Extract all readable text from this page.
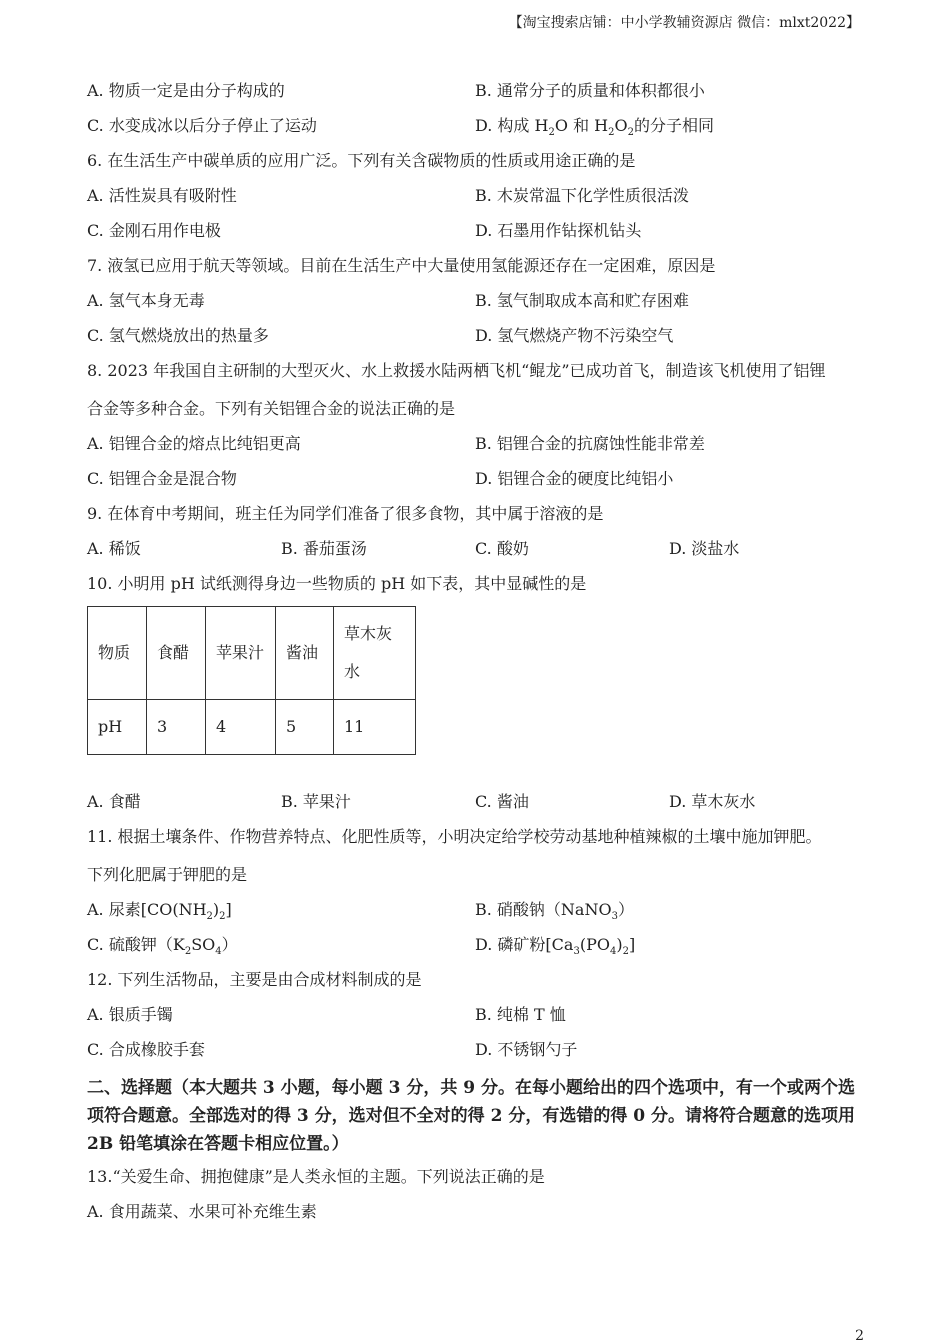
【淘宝搜索店铺：中小学教辅资源店 微信：mlxt2022】
A. 物质一定是由分子构成的	B. 通常分子的质量和体积都很小
C. 水变成冰以后分子停止了运动	D. 构成 $H_2O$ 和 $H_2O_2$的分子相同
6. 在生活生产中碳单质的应用广泛。下列有关含碳物质的性质或用途正确的是
A. 活性炭具有吸附性	B. 木炭常温下化学性质很活泼
C. 金刚石用作电极	D. 石墨用作钻探机钻头
7. 液氢已应用于航天等领域。目前在生活生产中大量使用氢能源还存在一定困难，原因是
A. 氢气本身无毒	B. 氢气制取成本高和贮存困难
C. 氢气燃烧放出的热量多	D. 氢气燃烧产物不污染空气
8. 2023 年我国自主研制的大型灭火、水上救援水陆两栖飞机“鲲龙”已成功首飞，制造该飞机使用了铝锂
合金等多种合金。下列有关铝锂合金的说法正确的是
A. 铝锂合金的熔点比纯铝更高	B. 铝锂合金的抗腐蚀性能非常差
C. 铝锂合金是混合物	D. 铝锂合金的硬度比纯铝小
9. 在体育中考期间，班主任为同学们准备了很多食物，其中属于溶液的是
A. 稀饭	B. 番茄蛋汤	C. 酸奶	D. 淡盐水
10. 小明用 pH 试纸测得身边一些物质的 pH 如下表，其中显碱性的是
物质	食醋	苹果汁	酱油	草木灰水
pH	3	4	5	11
A. 食醋	B. 苹果汁	C. 酱油	D. 草木灰水
11. 根据土壤条件、作物营养特点、化肥性质等，小明决定给学校劳动基地种植辣椒的土壤中施加钾肥。
下列化肥属于钾肥的是
A. 尿素$[CO(NH_2)_2]$	B. 硝酸钠（NaNO$_3$）
C. 硫酸钾$(K_2SO_4)$	D. 磷矿粉$[Ca_3(PO_4)_2]$
12. 下列生活物品，主要是由合成材料制成的是
A. 银质手镯	B. 纯棉 T 恤
C. 合成橡胶手套	D. 不锈钢勺子
二、选择题（本大题共 3 小题，每小题 3 分，共 9 分。在每小题给出的四个选项中，有一个或两个选项符合题意。全部选对的得 3 分，选对但不全对的得 2 分，有选错的得 0 分。请将符合题意的选项用 2B 铅笔填涂在答题卡相应位置。）
13.“关爱生命、拥抱健康”是人类永恒的主题。下列说法正确的是
A. 食用蔬菜、水果可补充维生素
2
